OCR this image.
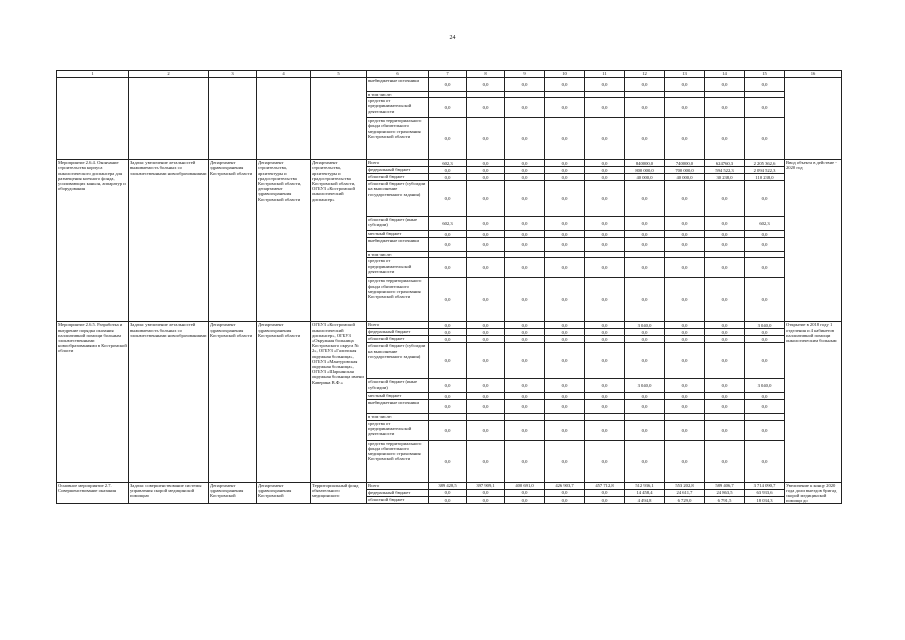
24
1	2	3	4	5	6	7	8	9	10	11	12	13	14	15	16
					внебюджетные источники	0,0	0,0	0,0	0,0	0,0	0,0	0,0	0,0	0,0	
					в том числе:										
					средства от предпринимательской деятельности	0,0	0,0	0,0	0,0	0,0	0,0	0,0	0,0	0,0	
					средства территориального фонда обязательного медицинского страхования Костромской области	0,0	0,0	0,0	0,0	0,0	0,0	0,0	0,0	0,0	
Мероприятие 2.6.4. Окончание строительства корпуса онкологического диспансера для размещения коечного фонда, усиливающих каньон, аппаратур и оборудования	Задача: увеличение летальностей выживаемость больных со злокачественными новообразованиями	Департамент здравоохранения Костромской области	Департамент строительства, архитектуры и градостроительства Костромской области, департамент здравоохранения Костромской области	Департамент строительства, архитектуры и градостроительства Костромской области, ОГБУЗ «Костромской онкологический диспансер»	Всего	602,3	0,0	0,0	0,0	0,0	840000,0	740000,0	624760,3	2 205 362,6	Ввод объекта в действие - 2020 год
					федеральный бюджет	0,0	0,0	0,0	0,0	0,0	800 000,0	700 000,0	594 522,3	2 094 522,3	
					областной бюджет	0,0	0,0	0,0	0,0	0,0	40 000,0	40 000,0	30 238,0	110 238,0	
					областной бюджет (субсидии на выполнение государственного задания)	0,0	0,0	0,0	0,0	0,0	0,0	0,0	0,0	0,0	
					областной бюджет (иные субсидии)	602,3	0,0	0,0	0,0	0,0	0,0	0,0	0,0	602,3	
					местный бюджет	0,0	0,0	0,0	0,0	0,0	0,0	0,0	0,0	0,0	
					внебюджетные источники	0,0	0,0	0,0	0,0	0,0	0,0	0,0	0,0	0,0	
					в том числе:										
					средства от предпринимательской деятельности	0,0	0,0	0,0	0,0	0,0	0,0	0,0	0,0	0,0	
					средства территориального фонда обязательного медицинского страхования Костромской области	0,0	0,0	0,0	0,0	0,0	0,0	0,0	0,0	0,0	
Мероприятие 2.6.5. Разработка и внедрение порядка оказания паллиативной помощи больным злокачественными новообразованиями в Костромской области	Задача: увеличение летальностей выживаемость больных со злокачественными новообразованиями	Департамент здравоохранения Костромской области	Департамент здравоохранения Костромской области	ОГБУЗ «Костромской онкологический диспансер», ОГБУЗ «Окружная больница Костромского округа № 2», ОГБУЗ «Галичская окружная больница», ОГБУЗ «Мантуровская окружная больница», ОГБУЗ «Шарьинская окружная больница имени Каверина В.Ф.»	Всего	0,0	0,0	0,0	0,0	0,0	3 040,0	0,0	0,0	3 040,0	Открытие в 2018 году 1 отделения и 4 кабинетов паллиативной помощи онкологическим больным
					федеральный бюджет	0,0	0,0	0,0	0,0	0,0	0,0	0,0	0,0	0,0	
					областной бюджет	0,0	0,0	0,0	0,0	0,0	0,0	0,0	0,0	0,0	
					областной бюджет (субсидии на выполнение государственного задания)	0,0	0,0	0,0	0,0	0,0	0,0	0,0	0,0	0,0	
					областной бюджет (иные субсидии)	0,0	0,0	0,0	0,0	0,0	3 040,0	0,0	0,0	3 040,0	
					местный бюджет	0,0	0,0	0,0	0,0	0,0	0,0	0,0	0,0	0,0	
					внебюджетные источники	0,0	0,0	0,0	0,0	0,0	0,0	0,0	0,0	0,0	
					в том числе:										
					средства от предпринимательской деятельности	0,0	0,0	0,0	0,0	0,0	0,0	0,0	0,0	0,0	
					средства территориального фонда обязательного медицинского страхования Костромской области	0,0	0,0	0,0	0,0	0,0	0,0	0,0	0,0	0,0	
Основное мероприятие 2.7. Совершенствование оказания	Задача: совершенствование системы управления скорой медицинской помощью	Департамент здравоохранения Костромской	Департамент здравоохранения Костромской	Территориальный фонд обязательного медицинского	Всего	389 428,5	397 909,1	400 691,0	426 903,7	457 712,8	512 936,1	553 202,8	589 406,7	3 714 090,7	Увеличение к концу 2020 года доли выездов бригад скорой медицинской помощи до
					федеральный бюджет	0,0	0,0	0,0	0,0	0,0	14 458,4	24 611,7	24 863,5	63 933,6	
					областной бюджет	0,0	0,0	0,0	0,0	0,0	4 494,8	6 729,0	6 791,5	18 034,3	
